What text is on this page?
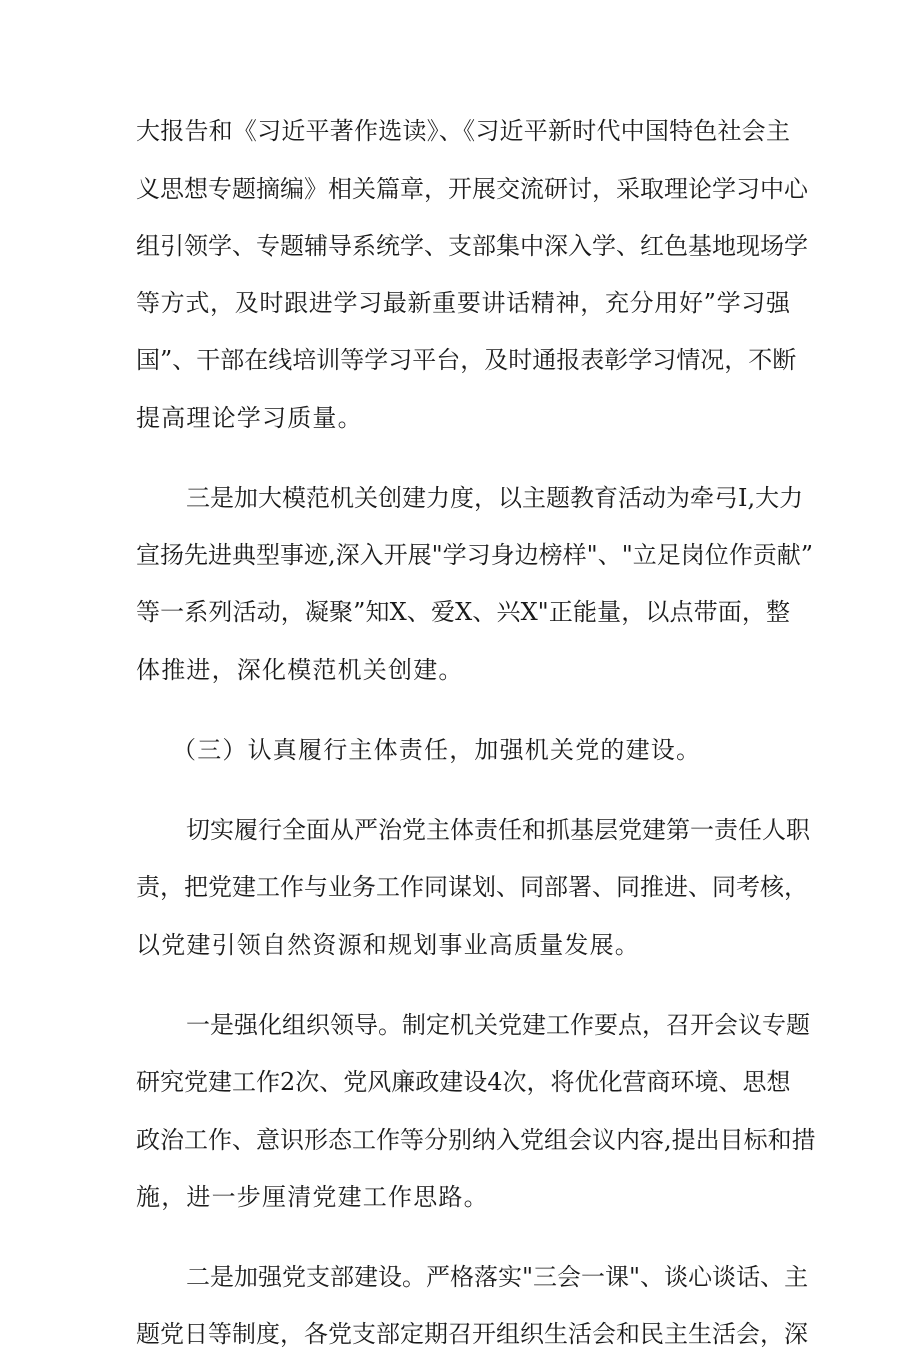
大报告和《习近平著作选读》、《习近平新时代中国特色社会主
义思想专题摘编》相关篇章，开展交流研讨，采取理论学习中心
组引领学、专题辅导系统学、支部集中深入学、红色基地现场学
等方式，及时跟进学习最新重要讲话精神，充分用好”学习强
国”、干部在线培训等学习平台，及时通报表彰学习情况，不断
提高理论学习质量。
三是加大模范机关创建力度，以主题教育活动为牵弓I,大力
宣扬先进典型事迹,深入开展"学习身边榜样"、"立足岗位作贡献”
等一系列活动，凝聚”知X、爱X、兴X"正能量，以点带面，整
体推进，深化模范机关创建。
（三）认真履行主体责任，加强机关党的建设。
切实履行全面从严治党主体责任和抓基层党建第一责任人职
责，把党建工作与业务工作同谋划、同部署、同推进、同考核，
以党建引领自然资源和规划事业高质量发展。
一是强化组织领导。制定机关党建工作要点，召开会议专题
研究党建工作2次、党风廉政建设4次，将优化营商环境、思想
政治工作、意识形态工作等分别纳入党组会议内容,提出目标和措
施，进一步厘清党建工作思路。
二是加强党支部建设。严格落实"三会一课"、谈心谈话、主
题党日等制度，各党支部定期召开组织生活会和民主生活会，深
